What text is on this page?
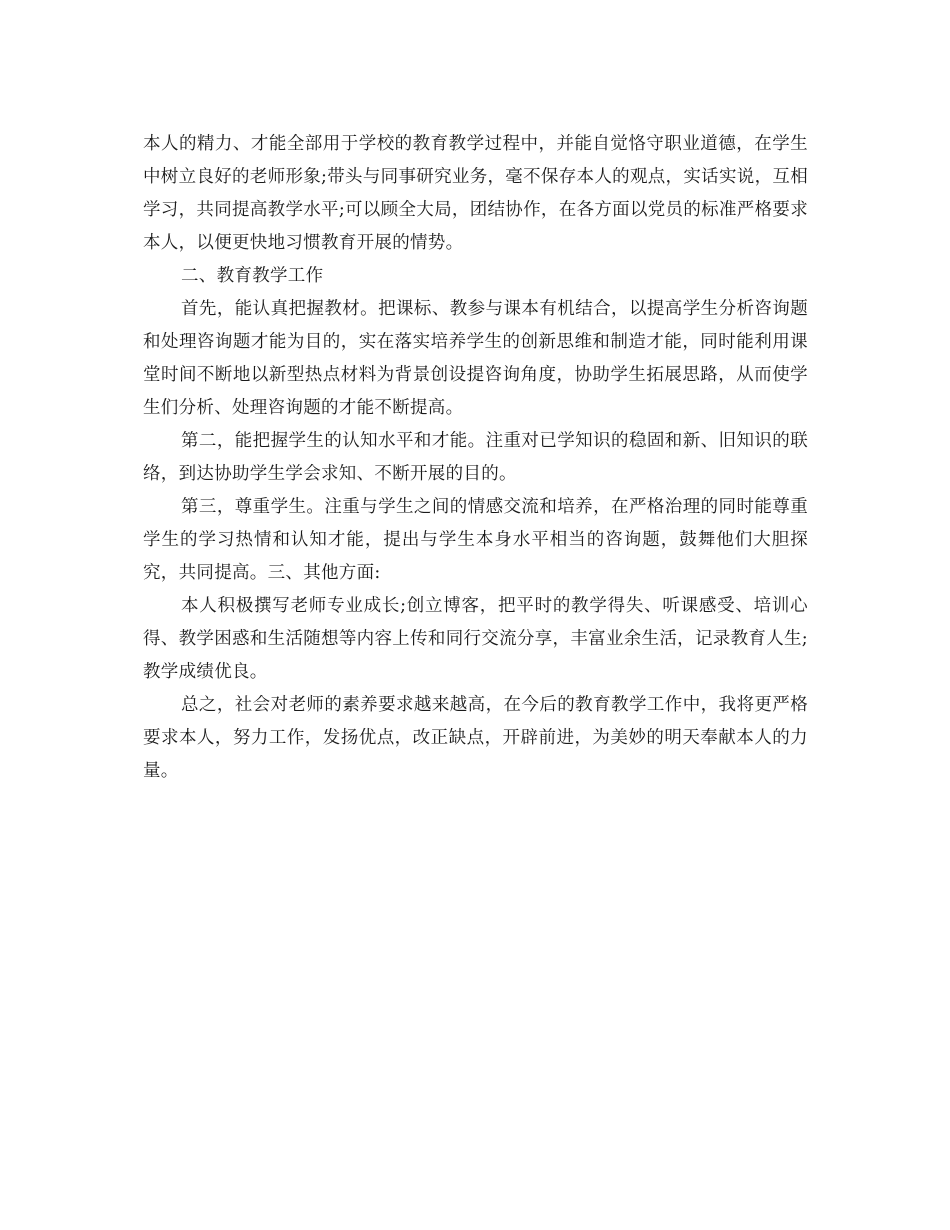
本人的精力、才能全部用于学校的教育教学过程中，并能自觉恪守职业道德，在学生中树立良好的老师形象;带头与同事研究业务，毫不保存本人的观点，实话实说，互相学习，共同提高教学水平;可以顾全大局，团结协作，在各方面以党员的标准严格要求本人，以便更快地习惯教育开展的情势。

二、教育教学工作

首先，能认真把握教材。把课标、教参与课本有机结合，以提高学生分析咨询题和处理咨询题才能为目的，实在落实培养学生的创新思维和制造才能，同时能利用课堂时间不断地以新型热点材料为背景创设提咨询角度，协助学生拓展思路，从而使学生们分析、处理咨询题的才能不断提高。

第二，能把握学生的认知水平和才能。注重对已学知识的稳固和新、旧知识的联络，到达协助学生学会求知、不断开展的目的。

第三，尊重学生。注重与学生之间的情感交流和培养，在严格治理的同时能尊重学生的学习热情和认知才能，提出与学生本身水平相当的咨询题，鼓舞他们大胆探究，共同提高。三、其他方面:

本人积极撰写老师专业成长;创立博客，把平时的教学得失、听课感受、培训心得、教学困惑和生活随想等内容上传和同行交流分享，丰富业余生活，记录教育人生;教学成绩优良。

总之，社会对老师的素养要求越来越高，在今后的教育教学工作中，我将更严格要求本人，努力工作，发扬优点，改正缺点，开辟前进，为美妙的明天奉献本人的力量。
